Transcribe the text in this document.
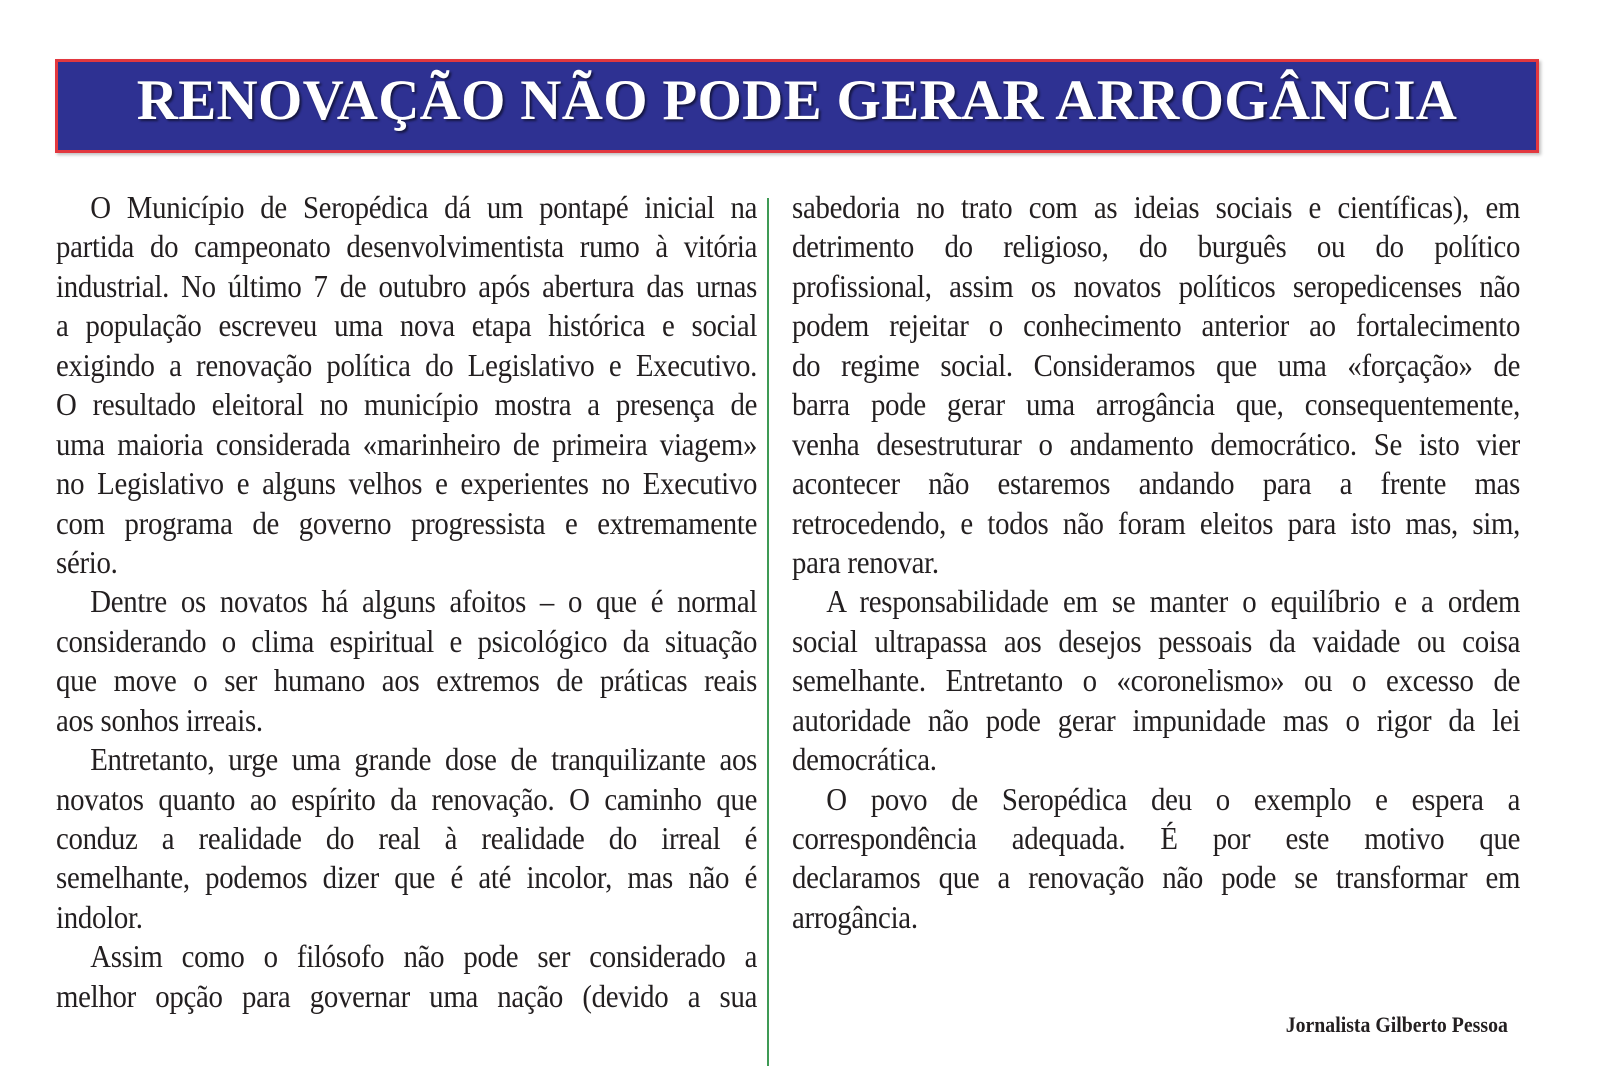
RENOVAÇÃO NÃO PODE GERAR ARROGÂNCIA
O Município de Seropédica dá um pontapé inicial na
partida do campeonato desenvolvimentista rumo à vitória
industrial. No último 7 de outubro após abertura das urnas
a população escreveu uma nova etapa histórica e social
exigindo a renovação política do Legislativo e Executivo.
O resultado eleitoral no município mostra a presença de
uma maioria considerada «marinheiro de primeira viagem»
no Legislativo e alguns velhos e experientes no Executivo
com programa de governo progressista e extremamente
sério.
Dentre os novatos há alguns afoitos – o que é normal
considerando o clima espiritual e psicológico da situação
que move o ser humano aos extremos de práticas reais
aos sonhos irreais.
Entretanto, urge uma grande dose de tranquilizante aos
novatos quanto ao espírito da renovação. O caminho que
conduz a realidade do real à realidade do irreal é
semelhante, podemos dizer que é até incolor, mas não é
indolor.
Assim como o filósofo não pode ser considerado a
melhor opção para governar uma nação (devido a sua
sabedoria no trato com as ideias sociais e científicas), em
detrimento do religioso, do burguês ou do político
profissional, assim os novatos políticos seropedicenses não
podem rejeitar o conhecimento anterior ao fortalecimento
do regime social. Consideramos que uma «forçação» de
barra pode gerar uma arrogância que, consequentemente,
venha desestruturar o andamento democrático. Se isto vier
acontecer não estaremos andando para a frente mas
retrocedendo, e todos não foram eleitos para isto mas, sim,
para renovar.
A responsabilidade em se manter o equilíbrio e a ordem
social ultrapassa aos desejos pessoais da vaidade ou coisa
semelhante. Entretanto o «coronelismo» ou o excesso de
autoridade não pode gerar impunidade mas o rigor da lei
democrática.
O povo de Seropédica deu o exemplo e espera a
correspondência adequada. É por este motivo que
declaramos que a renovação não pode se transformar em
arrogância.
Jornalista Gilberto Pessoa
